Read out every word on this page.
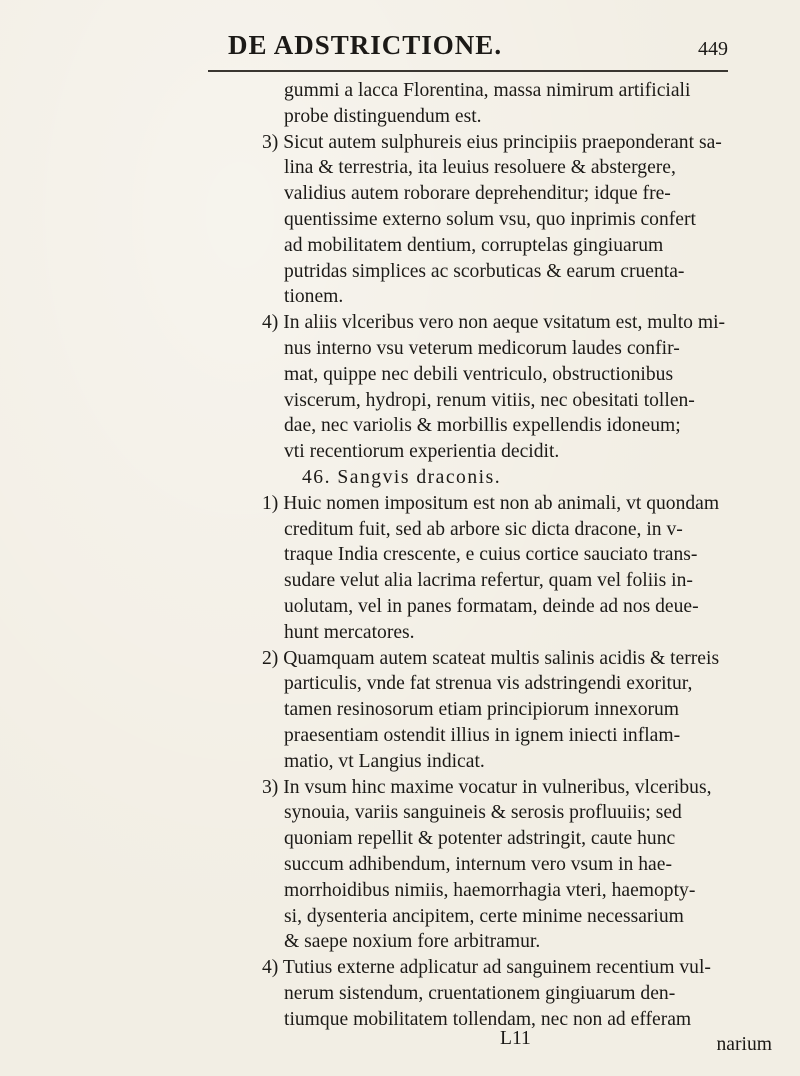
DE ADSTRICTIONE.	449
gummi a lacca Florentina, massa nimirum artificiali
probe distinguendum est.
3) Sicut autem sulphureis eius principiis praeponderant sa-
lina & terrestria, ita leuius resoluere & abstergere,
validius autem roborare deprehenditur; idque fre-
quentissime externo solum vsu, quo inprimis confert
ad mobilitatem dentium, corruptelas gingiuarum
putridas simplices ac scorbuticas & earum cruenta-
tionem.
4) In aliis vlceribus vero non aeque vsitatum est, multo mi-
nus interno vsu veterum medicorum laudes confir-
mat, quippe nec debili ventriculo, obstructionibus
viscerum, hydropi, renum vitiis, nec obesitati tollen-
dae, nec variolis & morbillis expellendis idoneum;
vti recentiorum experientia decidit.
46. Sangvis draconis.
1) Huic nomen impositum est non ab animali, vt quondam
creditum fuit, sed ab arbore sic dicta dracone, in v-
traque India crescente, e cuius cortice sauciato trans-
sudare velut alia lacrima refertur, quam vel foliis in-
uolutam, vel in panes formatam, deinde ad nos deue-
hunt mercatores.
2) Quamquam autem scateat multis salinis acidis & terreis
particulis, vnde fat strenua vis adstringendi exoritur,
tamen resinosorum etiam principiorum innexorum
praesentiam ostendit illius in ignem iniecti inflam-
matio, vt Langius indicat.
3) In vsum hinc maxime vocatur in vulneribus, vlceribus,
synouia, variis sanguineis & serosis profluuiis; sed
quoniam repellit & potenter adstringit, caute hunc
succum adhibendum, internum vero vsum in hae-
morrhoidibus nimiis, haemorrhagia vteri, haemopty-
si, dysenteria ancipitem, certe minime necessarium
& saepe noxium fore arbitramur.
4) Tutius externe adplicatur ad sanguinem recentium vul-
nerum sistendum, cruentationem gingiuarum den-
tiumque mobilitatem tollendam, nec non ad efferam
L11	narium
